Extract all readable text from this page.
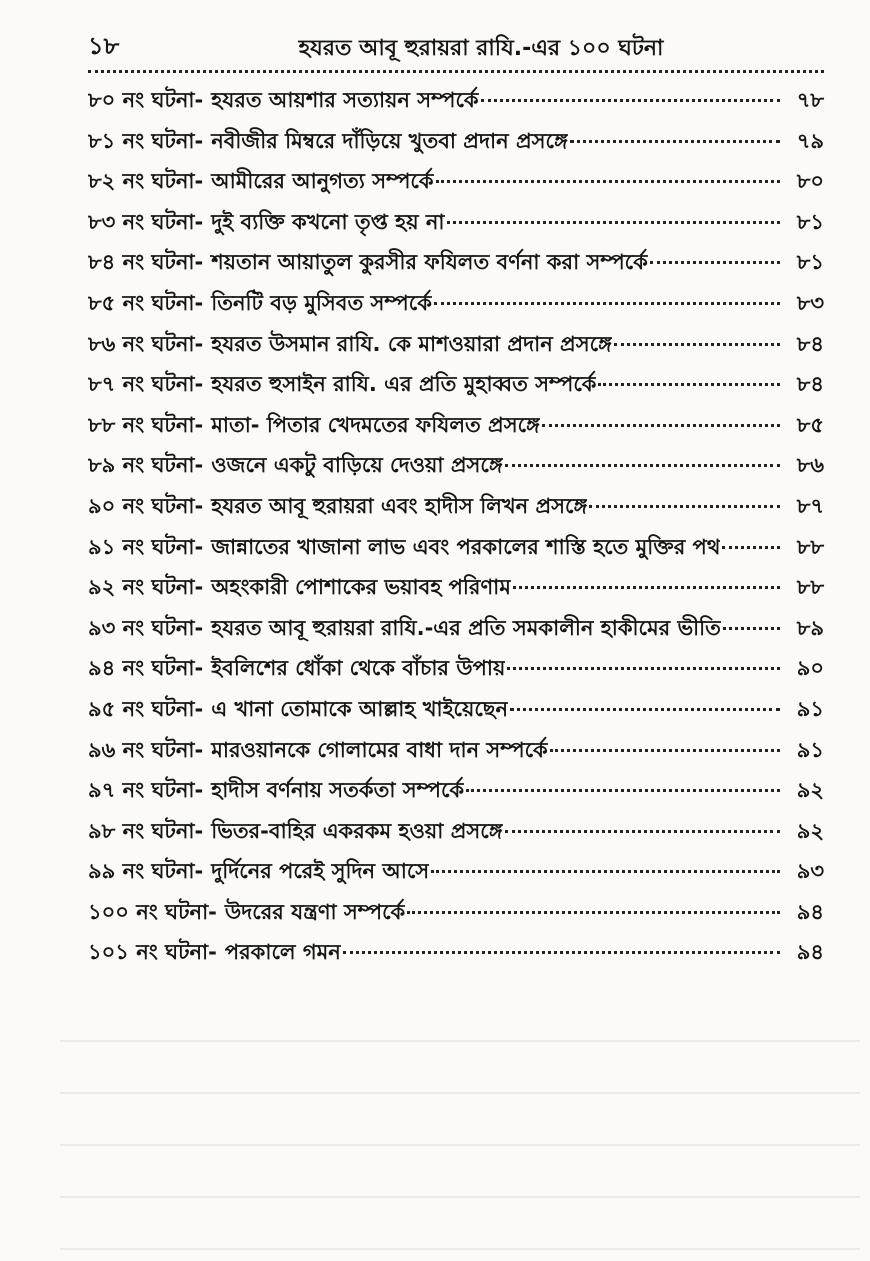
১৮	হযরত আবূ হুরায়রা রাযি.-এর ১০০ ঘটনা
৮০ নং ঘটনা- হযরত আয়শার সত্যায়ন সম্পর্কে	৭৮
৮১ নং ঘটনা- নবীজীর মিম্বরে দাঁড়িয়ে খুতবা প্রদান প্রসঙ্গে	৭৯
৮২ নং ঘটনা- আমীরের আনুগত্য সম্পর্কে	৮০
৮৩ নং ঘটনা- দুই ব্যক্তি কখনো তৃপ্ত হয় না	৮১
৮৪ নং ঘটনা- শয়তান আয়াতুল কুরসীর ফযিলত বর্ণনা করা সম্পর্কে	৮১
৮৫ নং ঘটনা- তিনটি বড় মুসিবত সম্পর্কে	৮৩
৮৬ নং ঘটনা- হযরত উসমান রাযি. কে মাশওয়ারা প্রদান প্রসঙ্গে	৮৪
৮৭ নং ঘটনা- হযরত হুসাইন রাযি. এর প্রতি মুহাব্বত সম্পর্কে	৮৪
৮৮ নং ঘটনা- মাতা- পিতার খেদমতের ফযিলত প্রসঙ্গে	৮৫
৮৯ নং ঘটনা- ওজনে একটু বাড়িয়ে দেওয়া প্রসঙ্গে	৮৬
৯০ নং ঘটনা- হযরত আবূ হুরায়রা এবং হাদীস লিখন প্রসঙ্গে	৮৭
৯১ নং ঘটনা- জান্নাতের খাজানা লাভ এবং পরকালের শাস্তি হতে মুক্তির পথ	৮৮
৯২ নং ঘটনা- অহংকারী পোশাকের ভয়াবহ পরিণাম	৮৮
৯৩ নং ঘটনা- হযরত আবূ হুরায়রা রাযি.-এর প্রতি সমকালীন হাকীমের ভীতি	৮৯
৯৪ নং ঘটনা- ইবলিশের ধোঁকা থেকে বাঁচার উপায়	৯০
৯৫ নং ঘটনা- এ খানা তোমাকে আল্লাহ খাইয়েছেন	৯১
৯৬ নং ঘটনা- মারওয়ানকে গোলামের বাধা দান সম্পর্কে	৯১
৯৭ নং ঘটনা- হাদীস বর্ণনায় সতর্কতা সম্পর্কে	৯২
৯৮ নং ঘটনা- ভিতর-বাহির একরকম হওয়া প্রসঙ্গে	৯২
৯৯ নং ঘটনা- দুর্দিনের পরেই সুদিন আসে	৯৩
১০০ নং ঘটনা- উদরের যন্ত্রণা সম্পর্কে	৯৪
১০১ নং ঘটনা- পরকালে গমন	৯৪
